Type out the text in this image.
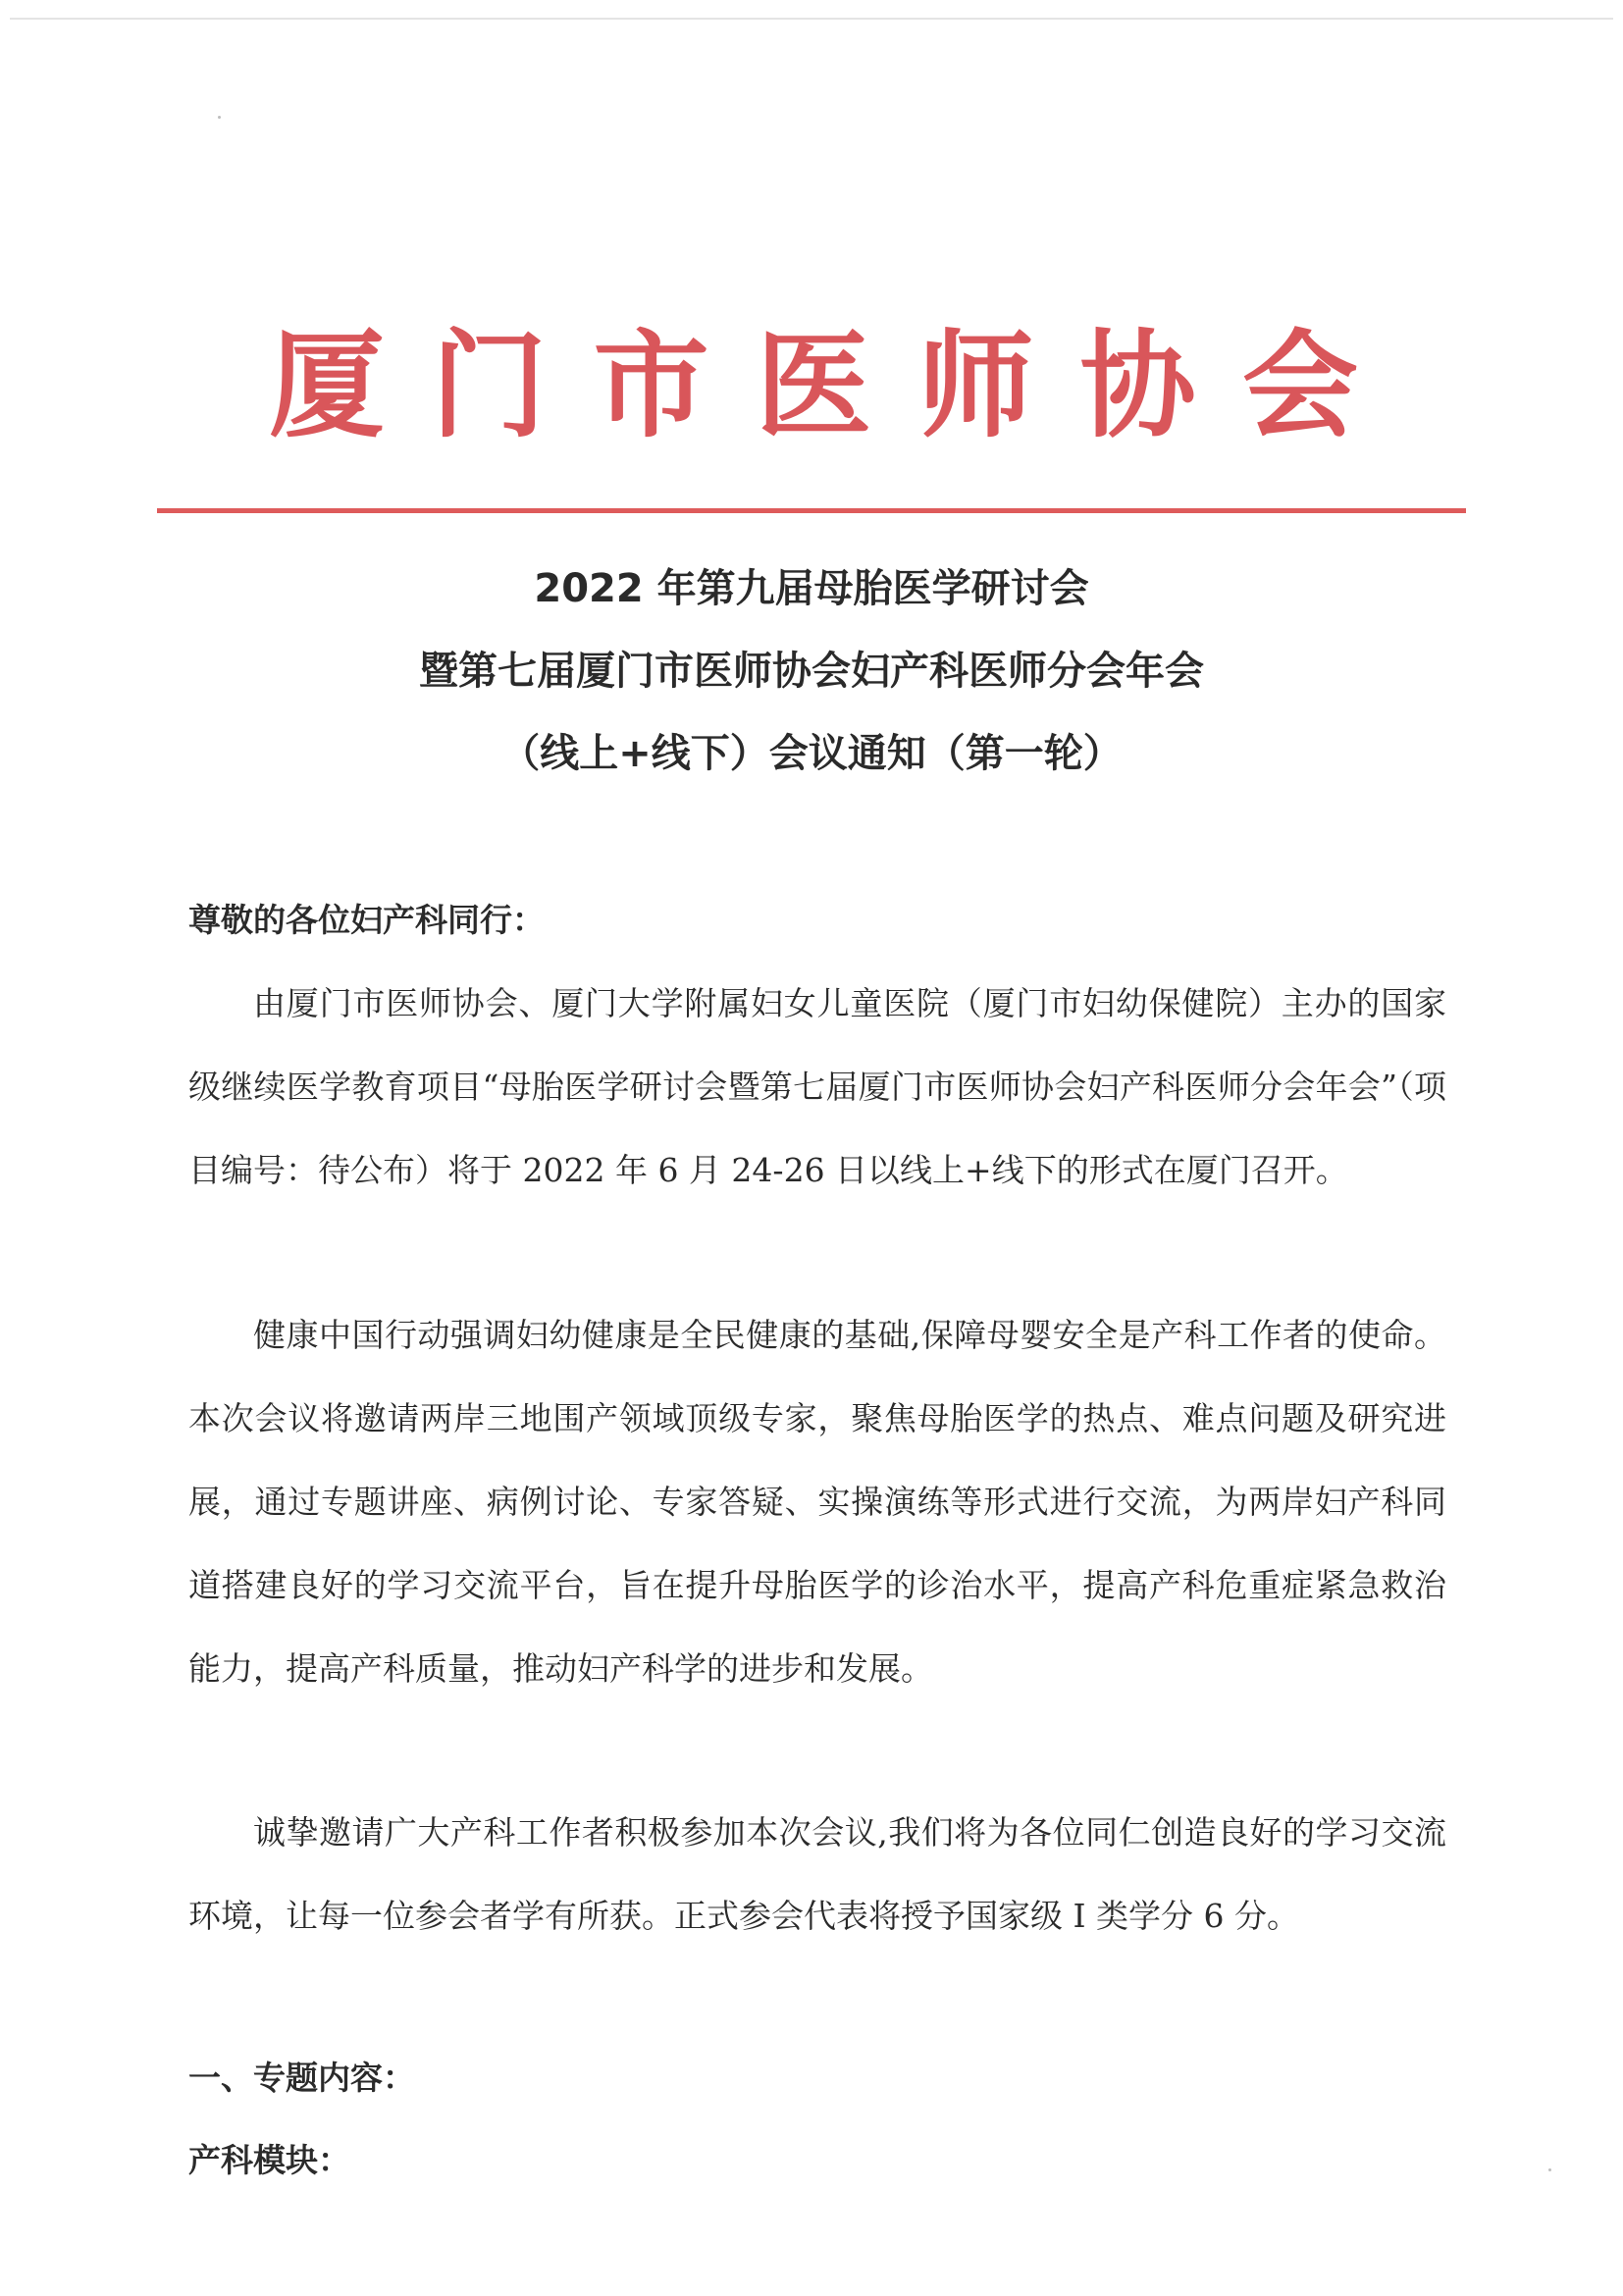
厦 门 市 医 师 协 会
2022 年第九届母胎医学研讨会
暨第七届厦门市医师协会妇产科医师分会年会
（线上+线下）会议通知（第一轮）
尊敬的各位妇产科同行：

由厦门市医师协会、厦门大学附属妇女儿童医院（厦门市妇幼保健院）主办的国家级继续医学教育项目“母胎医学研讨会暨第七届厦门市医师协会妇产科医师分会年会”（项目编号：待公布）将于 2022 年 6 月 24-26 日以线上+线下的形式在厦门召开。

健康中国行动强调妇幼健康是全民健康的基础,保障母婴安全是产科工作者的使命。本次会议将邀请两岸三地围产领域顶级专家，聚焦母胎医学的热点、难点问题及研究进展，通过专题讲座、病例讨论、专家答疑、实操演练等形式进行交流，为两岸妇产科同道搭建良好的学习交流平台，旨在提升母胎医学的诊治水平，提高产科危重症紧急救治能力，提高产科质量，推动妇产科学的进步和发展。

诚挚邀请广大产科工作者积极参加本次会议,我们将为各位同仁创造良好的学习交流环境，让每一位参会者学有所获。正式参会代表将授予国家级 I 类学分 6 分。

一、专题内容：
产科模块：
